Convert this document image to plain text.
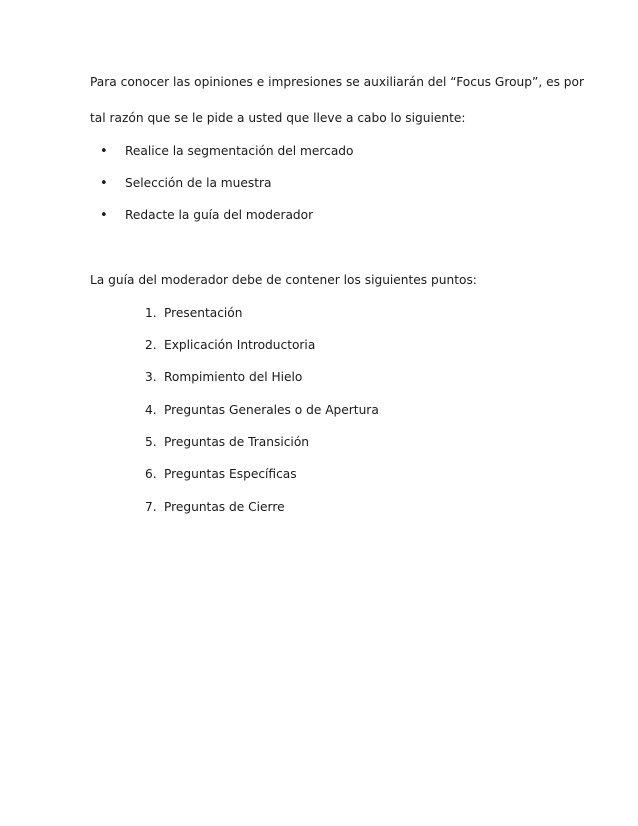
Para conocer las opiniones e impresiones se auxiliarán del “Focus Group”, es por
tal razón que se le pide a usted que lleve a cabo lo siguiente:
• Realice la segmentación del mercado
• Selección de la muestra
• Redacte la guía del moderador
La guía del moderador debe de contener los siguientes puntos:
1. Presentación
2. Explicación Introductoria
3. Rompimiento del Hielo
4. Preguntas Generales o de Apertura
5. Preguntas de Transición
6. Preguntas Específicas
7. Preguntas de Cierre
